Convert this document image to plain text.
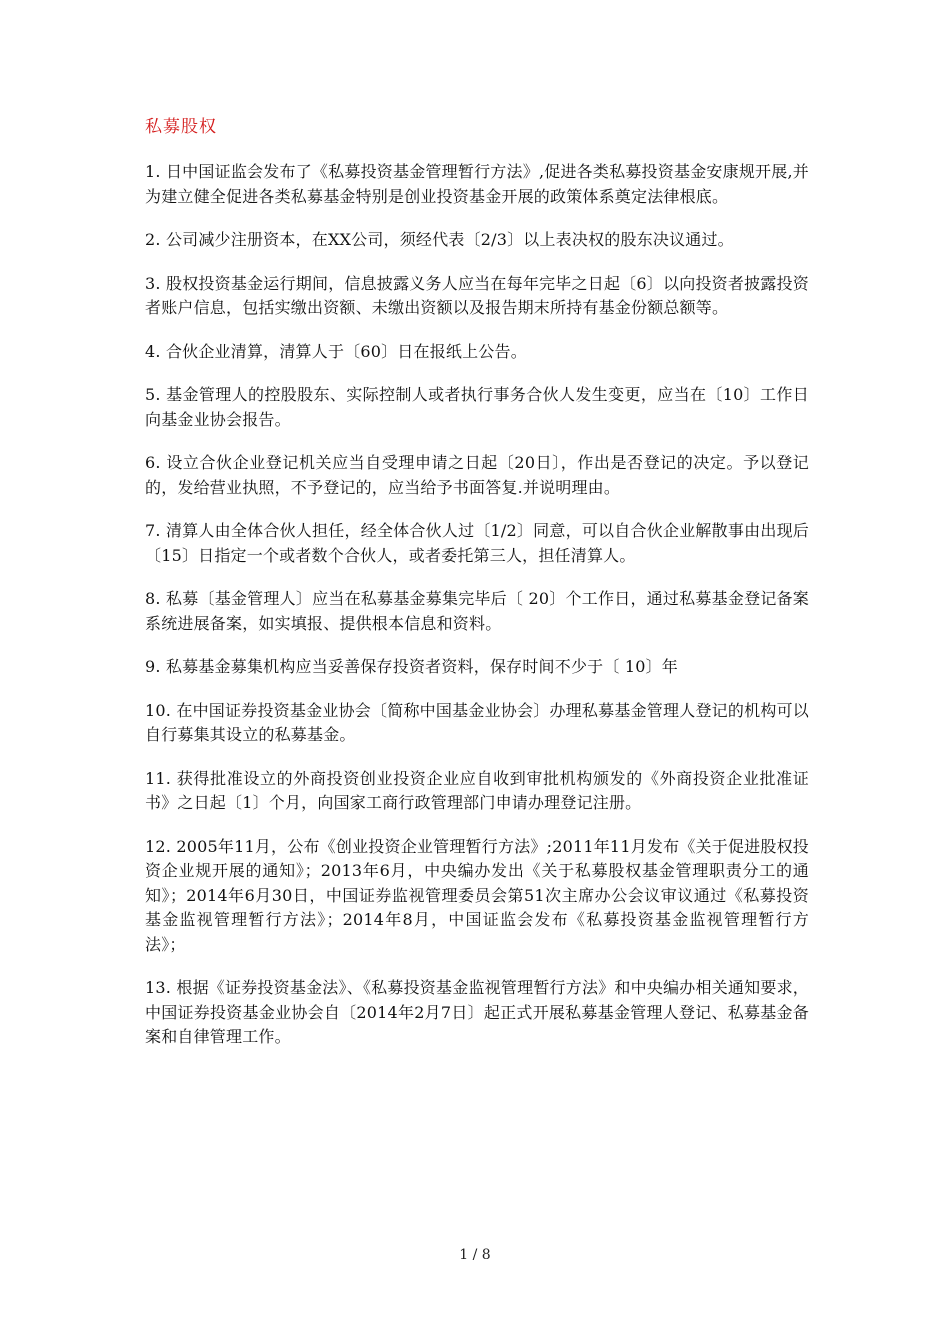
私募股权

1. 日中国证监会发布了《私募投资基金管理暂行方法》,促进各类私募投资基金安康规开展,并为建立健全促进各类私募基金特别是创业投资基金开展的政策体系奠定法律根底。

2. 公司减少注册资本，在XX公司，须经代表〔2/3〕以上表决权的股东决议通过。

3. 股权投资基金运行期间，信息披露义务人应当在每年完毕之日起〔6〕以向投资者披露投资者账户信息，包括实缴出资额、未缴出资额以及报告期末所持有基金份额总额等。

4. 合伙企业清算，清算人于〔60〕日在报纸上公告。

5. 基金管理人的控股股东、实际控制人或者执行事务合伙人发生变更，应当在〔10〕工作日向基金业协会报告。

6. 设立合伙企业登记机关应当自受理申请之日起〔20日〕，作出是否登记的决定。予以登记的，发给营业执照，不予登记的，应当给予书面答复.并说明理由。

7. 清算人由全体合伙人担任，经全体合伙人过〔1/2〕同意，可以自合伙企业解散事由出现后〔15〕日指定一个或者数个合伙人，或者委托第三人，担任清算人。

8. 私募〔基金管理人〕应当在私募基金募集完毕后〔 20〕个工作日，通过私募基金登记备案系统进展备案，如实填报、提供根本信息和资料。

9. 私募基金募集机构应当妥善保存投资者资料，保存时间不少于〔 10〕年

10. 在中国证券投资基金业协会〔简称中国基金业协会〕办理私募基金管理人登记的机构可以自行募集其设立的私募基金。

11. 获得批准设立的外商投资创业投资企业应自收到审批机构颁发的《外商投资企业批准证书》之日起〔1〕个月，向国家工商行政管理部门申请办理登记注册。

12. 2005年11月，公布《创业投资企业管理暂行方法》;2011年11月发布《关于促进股权投资企业规开展的通知》；2013年6月，中央编办发出《关于私募股权基金管理职责分工的通知》；2014年6月30日，中国证券监视管理委员会第51次主席办公会议审议通过《私募投资基金监视管理暂行方法》；2014年8月，中国证监会发布《私募投资基金监视管理暂行方法》；

13. 根据《证券投资基金法》、《私募投资基金监视管理暂行方法》和中央编办相关通知要求，中国证券投资基金业协会自〔2014年2月7日〕起正式开展私募基金管理人登记、私募基金备案和自律管理工作。

1 / 8
